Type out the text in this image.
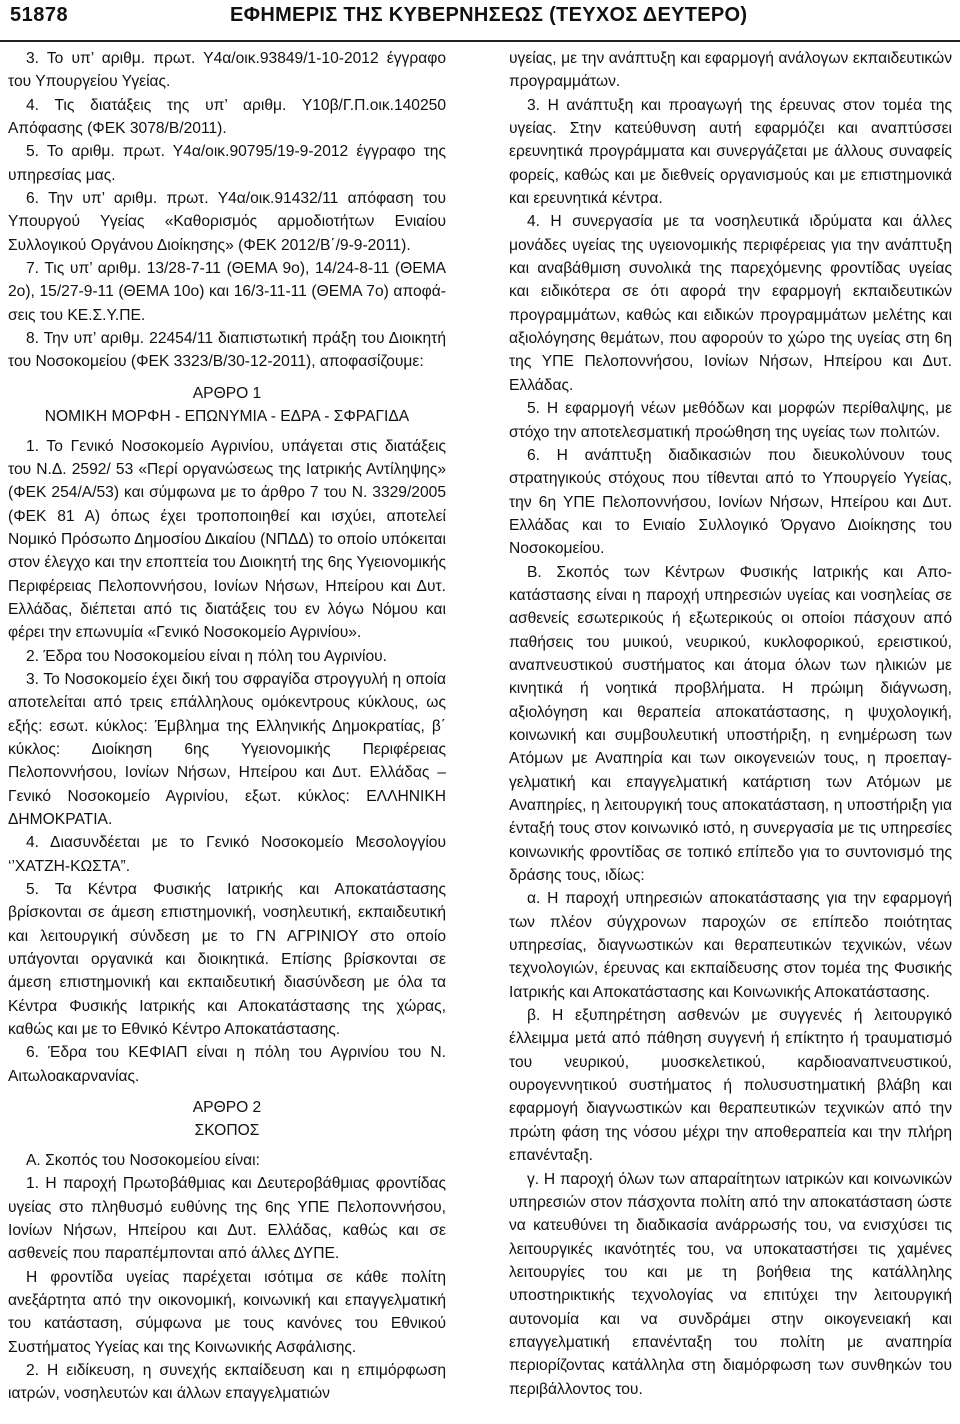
51878	ΕΦΗΜΕΡΙΣ ΤΗΣ ΚΥΒΕΡΝΗΣΕΩΣ (ΤΕΥΧΟΣ ΔΕΥΤΕΡΟ)

3. Το υπ’ αριθμ. πρωτ. Υ4α/οικ.93849/1-10-2012 έγγραφο του Υπουργείου Υγείας.

4. Τις διατάξεις της υπ’ αριθμ. Υ10β/Γ.Π.οικ.140250 Απόφασης (ΦΕΚ 3078/Β/2011).

5. Το αριθμ. πρωτ. Υ4α/οικ.90795/19-9-2012 έγγραφο της υπηρεσίας μας.

6. Την υπ’ αριθμ. πρωτ. Υ4α/οικ.91432/11 απόφαση του Υπουργού Υγείας «Καθορισμός αρμοδιοτήτων Ενιαίου Συλλογικού Οργάνου Διοίκησης» (ΦΕΚ 2012/Β΄/9-9-2011).

7. Τις υπ’ αριθμ. 13/28-7-11 (ΘΕΜΑ 9ο), 14/24-8-11 (ΘΕΜΑ 2ο), 15/27-9-11 (ΘΕΜΑ 10ο) και 16/3-11-11 (ΘΕΜΑ 7ο) αποφάσεις του ΚΕ.Σ.Υ.ΠΕ.

8. Την υπ’ αριθμ. 22454/11 διαπιστωτική πράξη του Διοικητή του Νοσοκομείου (ΦΕΚ 3323/Β/30-12-2011), αποφασίζουμε:

ΑΡΘΡΟ 1

ΝΟΜΙΚΗ ΜΟΡΦΗ - ΕΠΩΝΥΜΙΑ - ΕΔΡΑ - ΣΦΡΑΓΙΔΑ

1. Το Γενικό Νοσοκομείο Αγρινίου, υπάγεται στις διατάξεις του Ν.Δ. 2592/ 53 «Περί οργανώσεως της Ιατρικής Αντίληψης» (ΦΕΚ 254/Α/53) και σύμφωνα με το άρθρο 7 του Ν. 3329/2005 (ΦΕΚ 81 Α) όπως έχει τροποποιηθεί και ισχύει, αποτελεί Νομικό Πρόσωπο Δημοσίου Δικαίου (ΝΠΔΔ) το οποίο υπόκειται στον έλεγχο και την εποπτεία του Διοικητή της 6ης Υγειονομικής Περιφέρειας Πελοποννήσου, Ιονίων Νήσων, Ηπείρου και Δυτ. Ελλάδας, διέπεται από τις διατάξεις του εν λόγω Νόμου και φέρει την επωνυμία «Γενικό Νοσοκομείο Αγρινίου».

2. Έδρα του Νοσοκομείου είναι η πόλη του Αγρινίου.

3. Το Νοσοκομείο έχει δική του σφραγίδα στρογγυλή η οποία αποτελείται από τρεις επάλληλους ομόκεντρους κύκλους, ως εξής: εσωτ. κύκλος: Έμβλημα της Ελληνικής Δημοκρατίας, β΄ κύκλος: Διοίκηση 6ης Υγειονομικής Περιφέρειας Πελοποννήσου, Ιονίων Νήσων, Ηπείρου και Δυτ. Ελλάδας – Γενικό Νοσοκομείο Αγρινίου, εξωτ. κύκλος: ΕΛΛΗΝΙΚΗ ΔΗΜΟΚΡΑΤΙΑ.

4. Διασυνδέεται με το Γενικό Νοσοκομείο Μεσολογγίου ‘’ΧΑΤΖΗ-ΚΩΣΤΑ”.

5. Τα Κέντρα Φυσικής Ιατρικής και Αποκατάστασης βρίσκονται σε άμεση επιστημονική, νοσηλευτική, εκπαιδευτική και λειτουργική σύνδεση με το ΓΝ ΑΓΡΙΝΙΟΥ στο οποίο υπάγονται οργανικά και διοικητικά. Επίσης βρίσκονται σε άμεση επιστημονική και εκπαιδευτική διασύνδεση με όλα τα Κέντρα Φυσικής Ιατρικής και Αποκατάστασης της χώρας, καθώς και με το Εθνικό Κέντρο Αποκατάστασης.

6. Έδρα του ΚΕΦΙΑΠ είναι η πόλη του Αγρινίου του Ν. Αιτωλοακαρνανίας.

ΑΡΘΡΟ 2

ΣΚΟΠΟΣ

Α. Σκοπός του Νοσοκομείου είναι:

1. Η παροχή Πρωτοβάθμιας και Δευτεροβάθμιας φροντίδας υγείας στο πληθυσμό ευθύνης της 6ης ΥΠΕ Πελοποννήσου, Ιονίων Νήσων, Ηπείρου και Δυτ. Ελλάδας, καθώς και σε ασθενείς που παραπέμπονται από άλλες ΔΥΠΕ.

Η φροντίδα υγείας παρέχεται ισότιμα σε κάθε πολίτη ανεξάρτητα από την οικονομική, κοινωνική και επαγγελματική του κατάσταση, σύμφωνα με τους κανόνες του Εθνικού Συστήματος Υγείας και της Κοινωνικής Ασφάλισης.

2. Η ειδίκευση, η συνεχής εκπαίδευση και η επιμόρφωση ιατρών, νοσηλευτών και άλλων επαγγελματιών

υγείας, με την ανάπτυξη και εφαρμογή ανάλογων εκπαιδευτικών προγραμμάτων.

3. Η ανάπτυξη και προαγωγή της έρευνας στον τομέα της υγείας. Στην κατεύθυνση αυτή εφαρμόζει και αναπτύσσει ερευνητικά προγράμματα και συνεργάζεται με άλλους συναφείς φορείς, καθώς και με διεθνείς οργανισμούς και με επιστημονικά και ερευνητικά κέντρα.

4. Η συνεργασία με τα νοσηλευτικά ιδρύματα και άλλες μονάδες υγείας της υγειονομικής περιφέρειας για την ανάπτυξη και αναβάθμιση συνολικά της παρεχόμενης φροντίδας υγείας και ειδικότερα σε ότι αφορά την εφαρμογή εκπαιδευτικών προγραμμάτων, καθώς και ειδικών προγραμμάτων μελέτης και αξιολόγησης θεμάτων, που αφορούν το χώρο της υγείας στη 6η της ΥΠΕ Πελοποννήσου, Ιονίων Νήσων, Ηπείρου και Δυτ. Ελλάδας.

5. Η εφαρμογή νέων μεθόδων και μορφών περίθαλψης, με στόχο την αποτελεσματική προώθηση της υγείας των πολιτών.

6. Η ανάπτυξη διαδικασιών που διευκολύνουν τους στρατηγικούς στόχους που τίθενται από το Υπουργείο Υγείας, την 6η ΥΠΕ Πελοποννήσου, Ιονίων Νήσων, Ηπείρου και Δυτ. Ελλάδας και το Ενιαίο Συλλογικό Όργανο Διοίκησης του Νοσοκομείου.

Β. Σκοπός των Κέντρων Φυσικής Ιατρικής και Αποκατάστασης είναι η παροχή υπηρεσιών υγείας και νοσηλείας σε ασθενείς εσωτερικούς ή εξωτερικούς οι οποίοι πάσχουν από παθήσεις του μυικού, νευρικού, κυκλοφορικού, ερειστικού, αναπνευστικού συστήματος και άτομα όλων των ηλικιών με κινητικά ή νοητικά προβλήματα. Η πρώιμη διάγνωση, αξιολόγηση και θεραπεία αποκατάστασης, η ψυχολογική, κοινωνική και συμβουλευτική υποστήριξη, η ενημέρωση των Ατόμων με Αναπηρία και των οικογενειών τους, η προεπαγγελματική και επαγγελματική κατάρτιση των Ατόμων με Αναπηρίες, η λειτουργική τους αποκατάσταση, η υποστήριξη για ένταξή τους στον κοινωνικό ιστό, η συνεργασία με τις υπηρεσίες κοινωνικής φροντίδας σε τοπικό επίπεδο για το συντονισμό της δράσης τους, ιδίως:

α. Η παροχή υπηρεσιών αποκατάστασης για την εφαρμογή των πλέον σύγχρονων παροχών σε επίπεδο ποιότητας υπηρεσίας, διαγνωστικών και θεραπευτικών τεχνικών, νέων τεχνολογιών, έρευνας και εκπαίδευσης στον τομέα της Φυσικής Ιατρικής και Αποκατάστασης και Κοινωνικής Αποκατάστασης.

β. Η εξυπηρέτηση ασθενών με συγγενές ή λειτουργικό έλλειμμα μετά από πάθηση συγγενή ή επίκτητο ή τραυματισμό του νευρικού, μυοσκελετικού, καρδιοαναπνευστικού, ουρογεννητικού συστήματος ή πολυσυστηματική βλάβη και εφαρμογή διαγνωστικών και θεραπευτικών τεχνικών από την πρώτη φάση της νόσου μέχρι την αποθεραπεία και την πλήρη επανένταξη.

γ. Η παροχή όλων των απαραίτητων ιατρικών και κοινωνικών υπηρεσιών στον πάσχοντα πολίτη από την αποκατάσταση ώστε να κατευθύνει τη διαδικασία ανάρρωσής του, να ενισχύσει τις λειτουργικές ικανότητές του, να υποκαταστήσει τις χαμένες λειτουργίες του και με τη βοήθεια της κατάλληλης υποστηρικτικής τεχνολογίας να επιτύχει την λειτουργική αυτονομία και να συνδράμει στην οικογενειακή και επαγγελματική επανένταξη του πολίτη με αναπηρία περιορίζοντας κατάλληλα στη διαμόρφωση των συνθηκών του περιβάλλοντος του.
